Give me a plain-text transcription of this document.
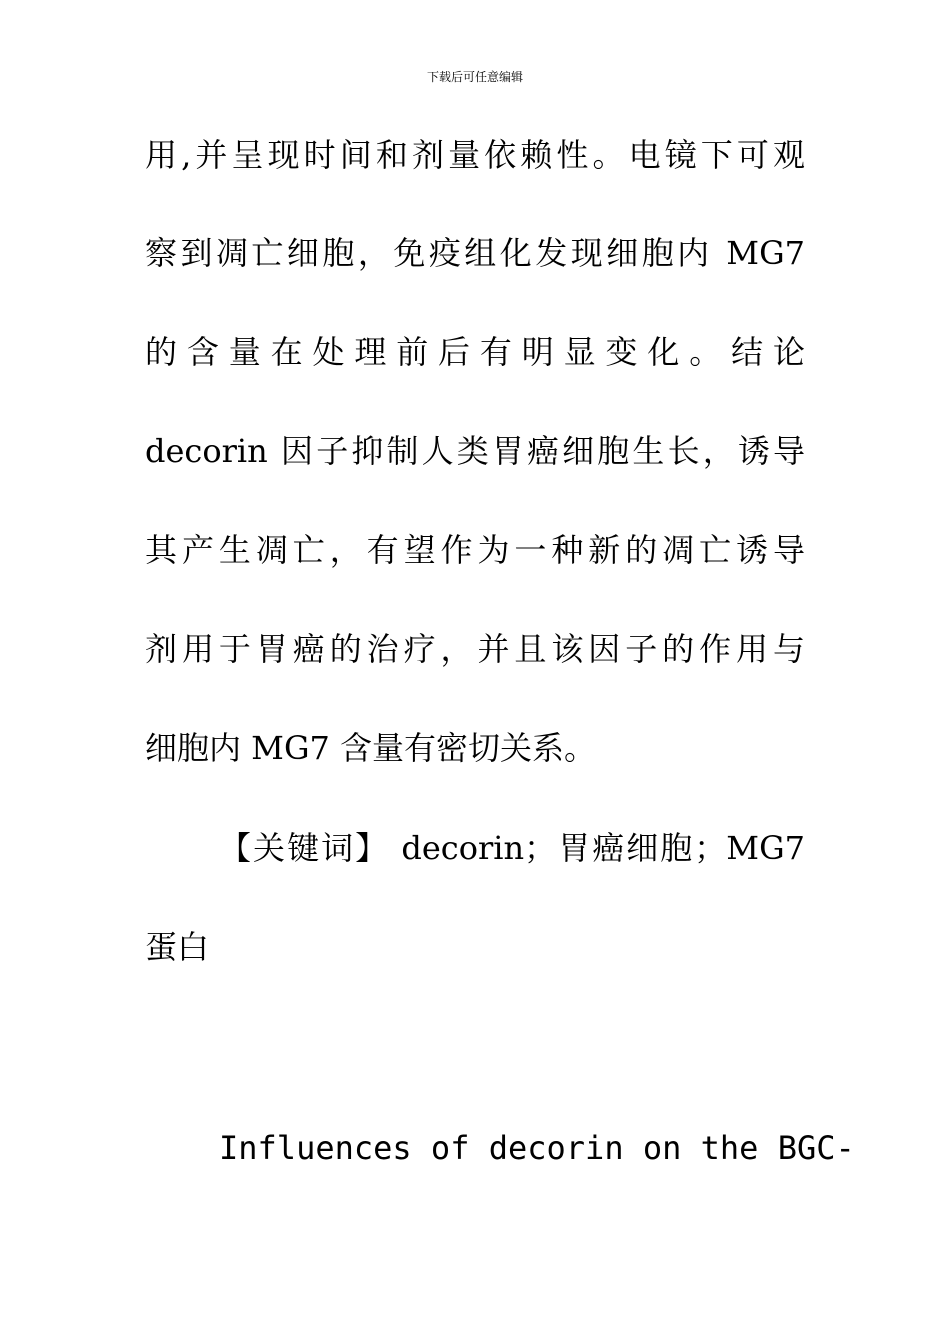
下载后可任意编辑
用,并呈现时间和剂量依赖性。电镜下可观
察到凋亡细胞，免疫组化发现细胞内 MG7
的含量在处理前后有明显变化。结论
decorin 因子抑制人类胃癌细胞生长，诱导
其产生凋亡，有望作为一种新的凋亡诱导
剂用于胃癌的治疗，并且该因子的作用与
细胞内 MG7 含量有密切关系。
【关键词】 decorin；胃癌细胞；MG7
蛋白
Influences of decorin on the BGC-
